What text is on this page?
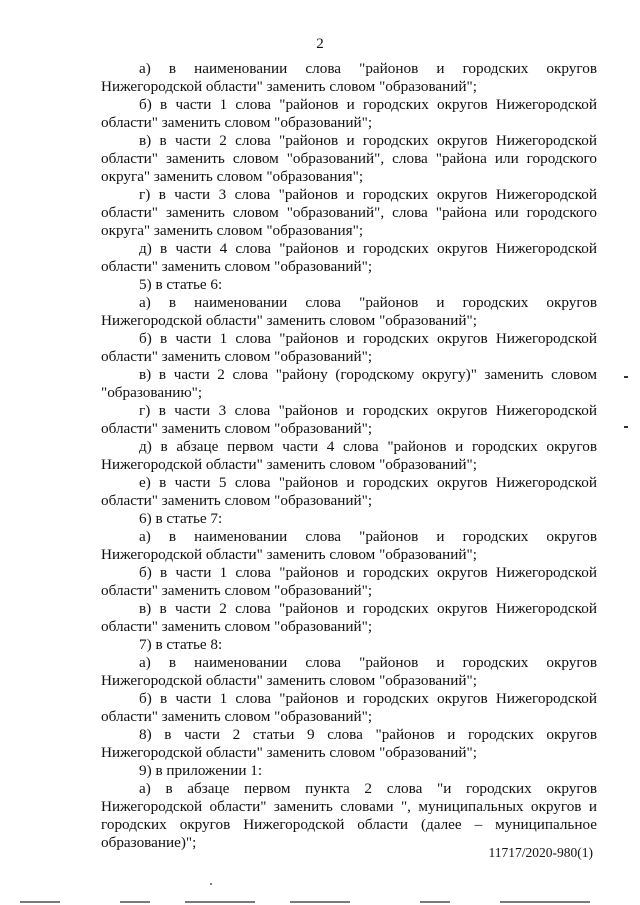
2

а) в наименовании слова "районов и городских округов Нижегородской области" заменить словом "образований";

б) в части 1 слова "районов и городских округов Нижегородской области" заменить словом "образований";

в) в части 2 слова "районов и городских округов Нижегородской области" заменить словом "образований", слова "района или городского округа" заменить словом "образования";

г) в части 3 слова "районов и городских округов Нижегородской области" заменить словом "образований", слова "района или городского округа" заменить словом "образования";

д) в части 4 слова "районов и городских округов Нижегородской области" заменить словом "образований";

5) в статье 6:

а) в наименовании слова "районов и городских округов Нижегородской области" заменить словом "образований";

б) в части 1 слова "районов и городских округов Нижегородской области" заменить словом "образований";

в) в части 2 слова "району (городскому округу)" заменить словом "образованию";

г) в части 3 слова "районов и городских округов Нижегородской области" заменить словом "образований";

д) в абзаце первом части 4 слова "районов и городских округов Нижегородской области" заменить словом "образований";

е) в части 5 слова "районов и городских округов Нижегородской области" заменить словом "образований";

6) в статье 7:

а) в наименовании слова "районов и городских округов Нижегородской области" заменить словом "образований";

б) в части 1 слова "районов и городских округов Нижегородской области" заменить словом "образований";

в) в части 2 слова "районов и городских округов Нижегородской области" заменить словом "образований";

7) в статье 8:

а) в наименовании слова "районов и городских округов Нижегородской области" заменить словом "образований";

б) в части 1 слова "районов и городских округов Нижегородской области" заменить словом "образований";

8) в части 2 статьи 9 слова "районов и городских округов Нижегородской области" заменить словом "образований";

9) в приложении 1:

а) в абзаце первом пункта 2 слова "и городских округов Нижегородской области" заменить словами ", муниципальных округов и городских округов Нижегородской области (далее – муниципальное образование)";

11717/2020-980(1)
